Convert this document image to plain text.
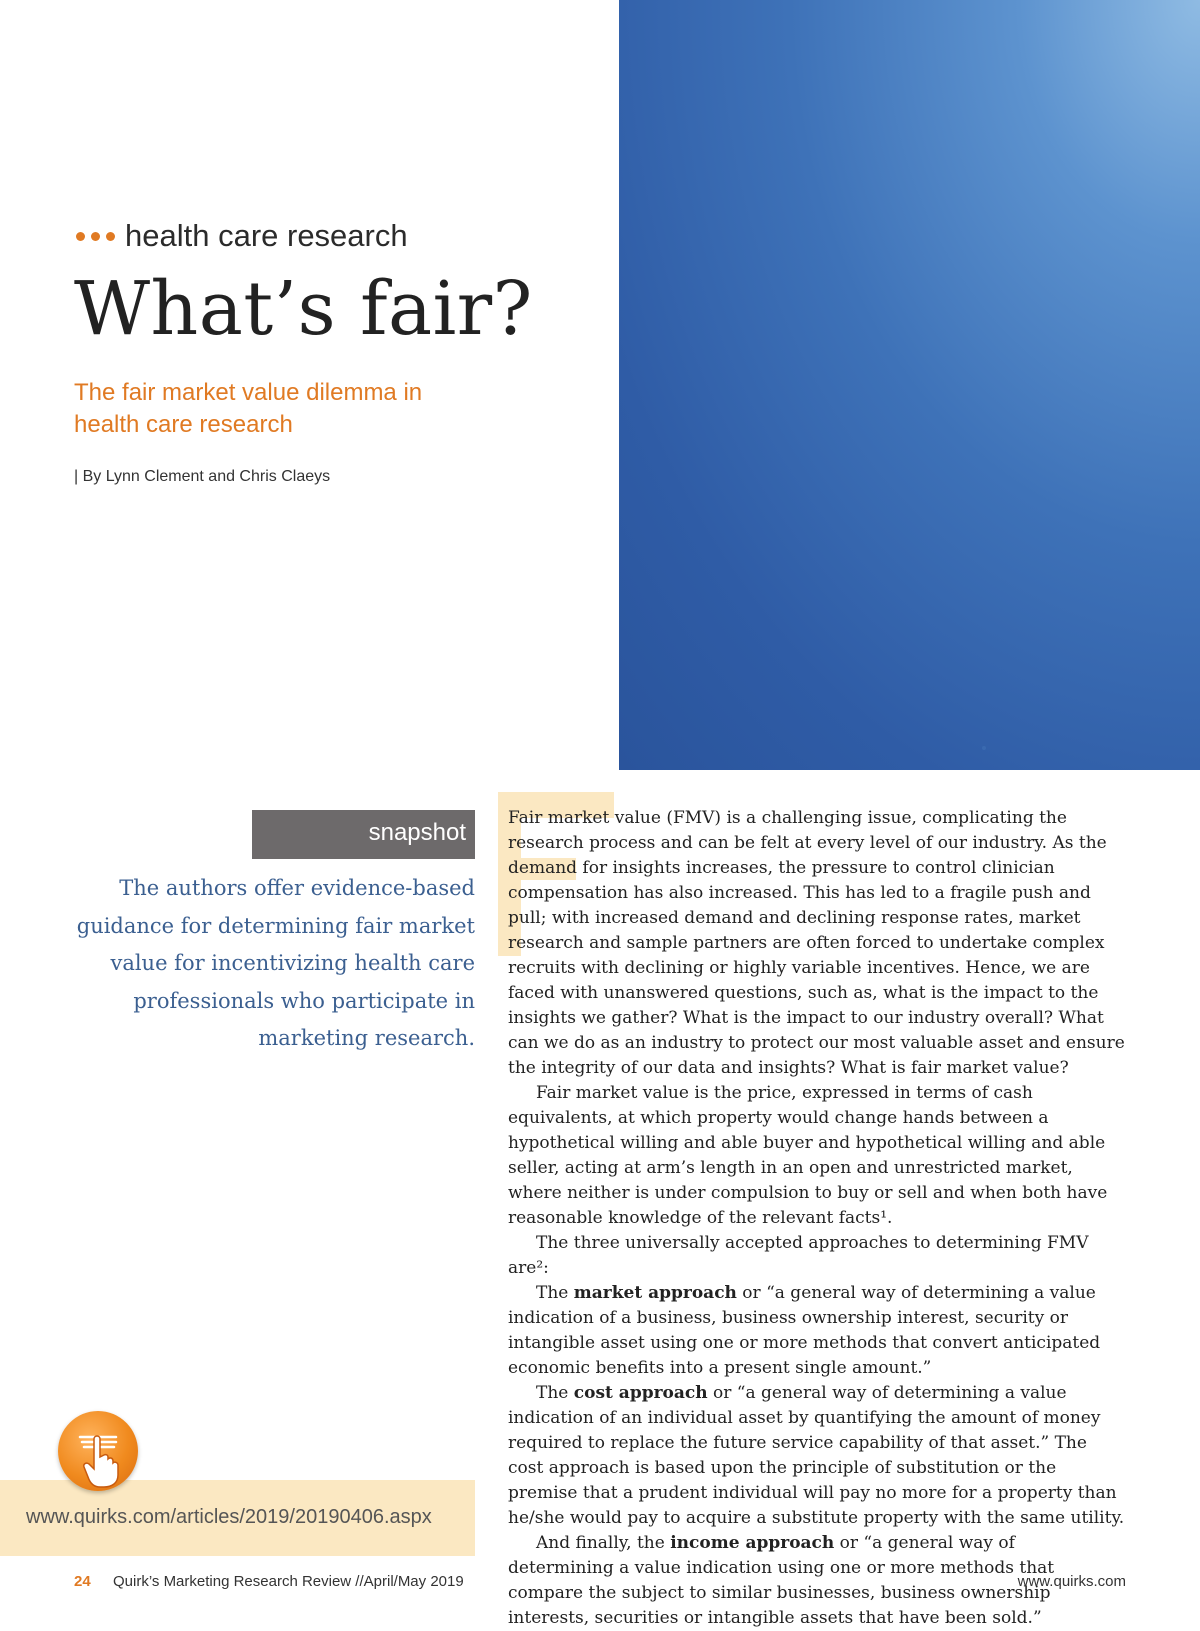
health care research
What’s fair?
The fair market value dilemma in health care research
| By Lynn Clement and Chris Claeys
snapshot
The authors offer evidence-based guidance for determining fair market value for incentivizing health care professionals who participate in marketing research.

Fair market value (FMV) is a challenging issue, complicating the research process and can be felt at every level of our industry. As the demand for insights increases, the pressure to control clinician compensation has also increased. This has led to a fragile push and pull; with increased demand and declining response rates, market research and sample partners are often forced to undertake complex recruits with declining or highly variable incentives. Hence, we are faced with unanswered questions, such as, what is the impact to the insights we gather? What is the impact to our industry overall? What can we do as an industry to protect our most valuable asset and ensure the integrity of our data and insights? What is fair market value?

Fair market value is the price, expressed in terms of cash equivalents, at which property would change hands between a hypothetical willing and able buyer and hypothetical willing and able seller, acting at arm’s length in an open and unrestricted market, where neither is under compulsion to buy or sell and when both have reasonable knowledge of the relevant facts¹.

The three universally accepted approaches to determining FMV are²:

The market approach or “a general way of determining a value indication of a business, business ownership interest, security or intangible asset using one or more methods that convert anticipated economic benefits into a present single amount.”

The cost approach or “a general way of determining a value indication of an individual asset by quantifying the amount of money required to replace the future service capability of that asset.” The cost approach is based upon the principle of substitution or the premise that a prudent individual will pay no more for a property than he/she would pay to acquire a substitute property with the same utility.

And finally, the income approach or “a general way of determining a value indication using one or more methods that compare the subject to similar businesses, business ownership interests, securities or intangible assets that have been sold.”

www.quirks.com/articles/2019/20190406.aspx
24 Quirk’s Marketing Research Review //April/May 2019	www.quirks.com
